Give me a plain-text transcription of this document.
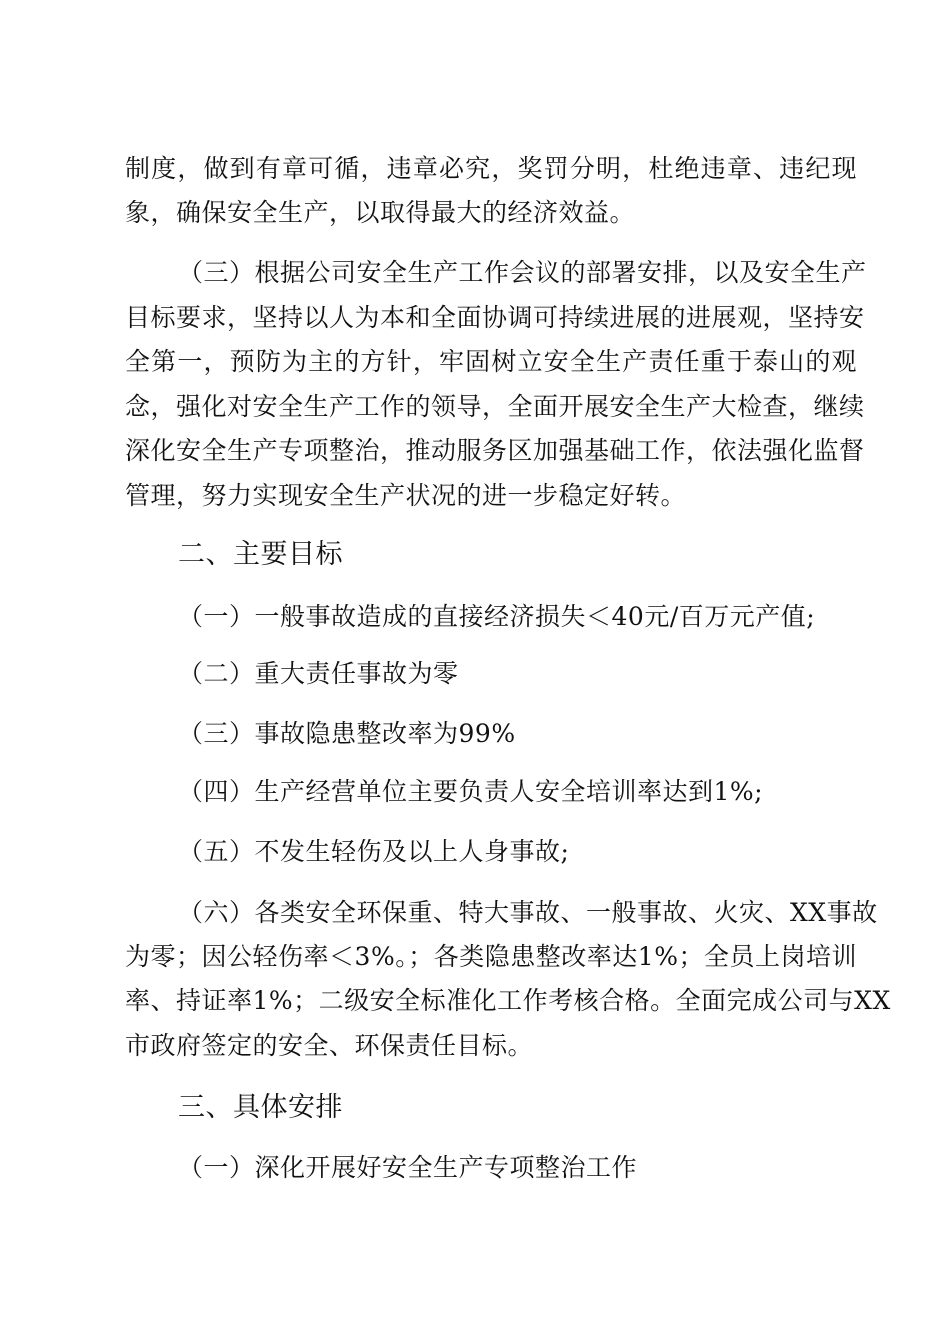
制度，做到有章可循，违章必究，奖罚分明，杜绝违章、违纪现
象，确保安全生产，以取得最大的经济效益。
（三）根据公司安全生产工作会议的部署安排，以及安全生产
目标要求，坚持以人为本和全面协调可持续进展的进展观，坚持安
全第一，预防为主的方针，牢固树立安全生产责任重于泰山的观
念，强化对安全生产工作的领导，全面开展安全生产大检查，继续
深化安全生产专项整治，推动服务区加强基础工作，依法强化监督
管理，努力实现安全生产状况的进一步稳定好转。
二、主要目标
（一）一般事故造成的直接经济损失＜40元/百万元产值;
（二）重大责任事故为零
（三）事故隐患整改率为99%
（四）生产经营单位主要负责人安全培训率达到1%;
（五）不发生轻伤及以上人身事故;
（六）各类安全环保重、特大事故、一般事故、火灾、XX事故
为零；因公轻伤率＜3%。；各类隐患整改率达1%；全员上岗培训
率、持证率1%；二级安全标准化工作考核合格。全面完成公司与XX
市政府签定的安全、环保责任目标。
三、具体安排
（一）深化开展好安全生产专项整治工作
